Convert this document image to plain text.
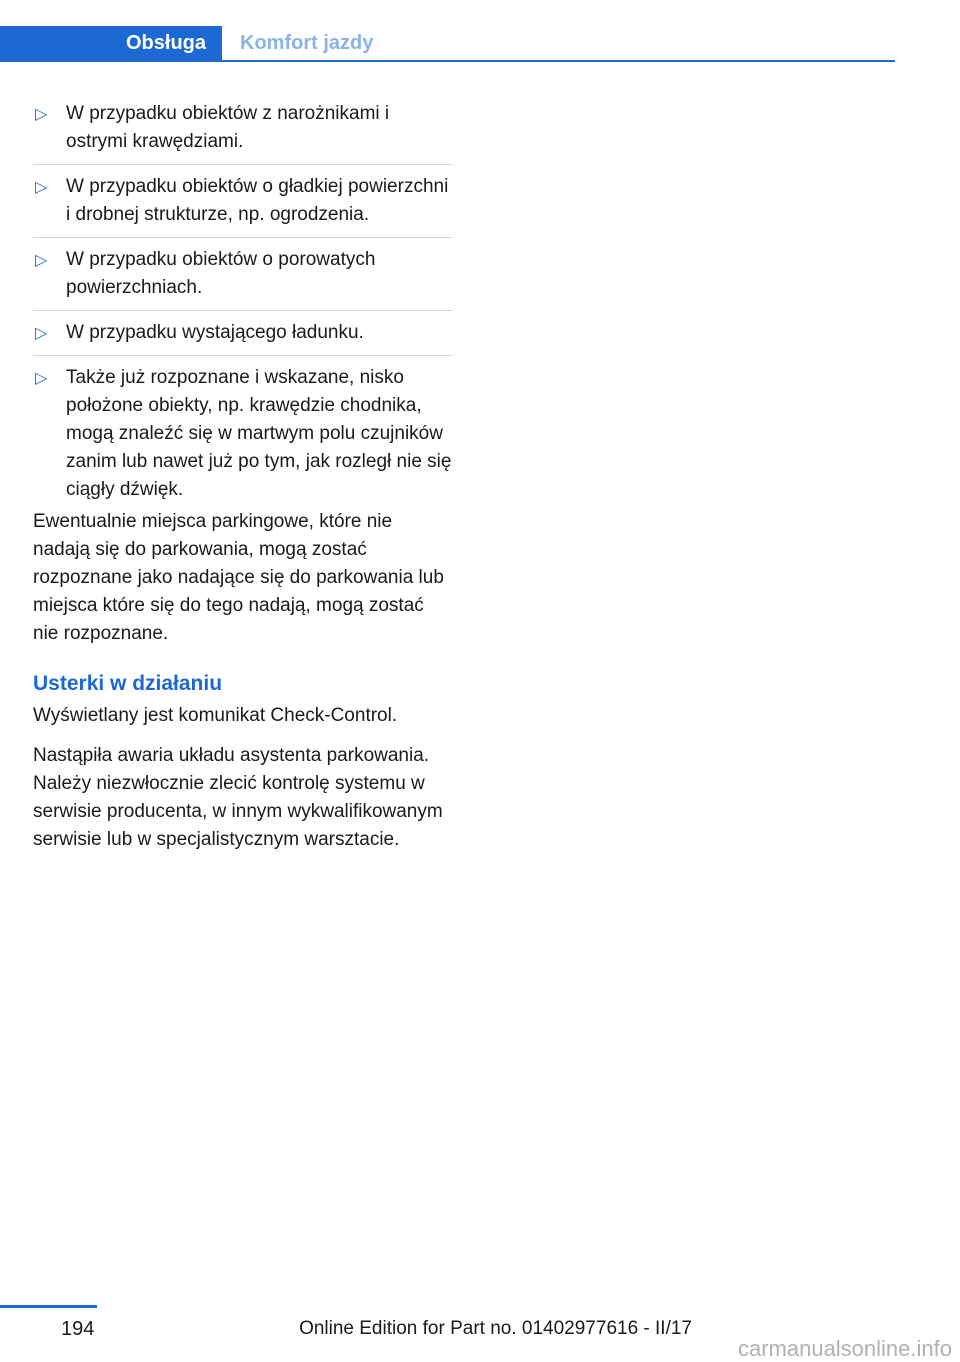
Obsługa	Komfort jazdy
▷ W przypadku obiektów z narożnikami i ostrymi krawędziami.
▷ W przypadku obiektów o gładkiej powierzchni i drobnej strukturze, np. ogrodzenia.
▷ W przypadku obiektów o porowatych powierzchniach.
▷ W przypadku wystającego ładunku.
▷ Także już rozpoznane i wskazane, nisko położone obiekty, np. krawędzie chodnika, mogą znaleźć się w martwym polu czujników zanim lub nawet już po tym, jak rozległ nie się ciągły dźwięk.

Ewentualnie miejsca parkingowe, które nie nadają się do parkowania, mogą zostać rozpoznane jako nadające się do parkowania lub miejsca które się do tego nadają, mogą zostać nie rozpoznane.

Usterki w działaniu

Wyświetlany jest komunikat Check-Control.

Nastąpiła awaria układu asystenta parkowania. Należy niezwłocznie zlecić kontrolę systemu w serwisie producenta, w innym wykwalifikowanym serwisie lub w specjalistycznym warsztacie.

194	Online Edition for Part no. 01402977616 - II/17
carmanualsonline.info
